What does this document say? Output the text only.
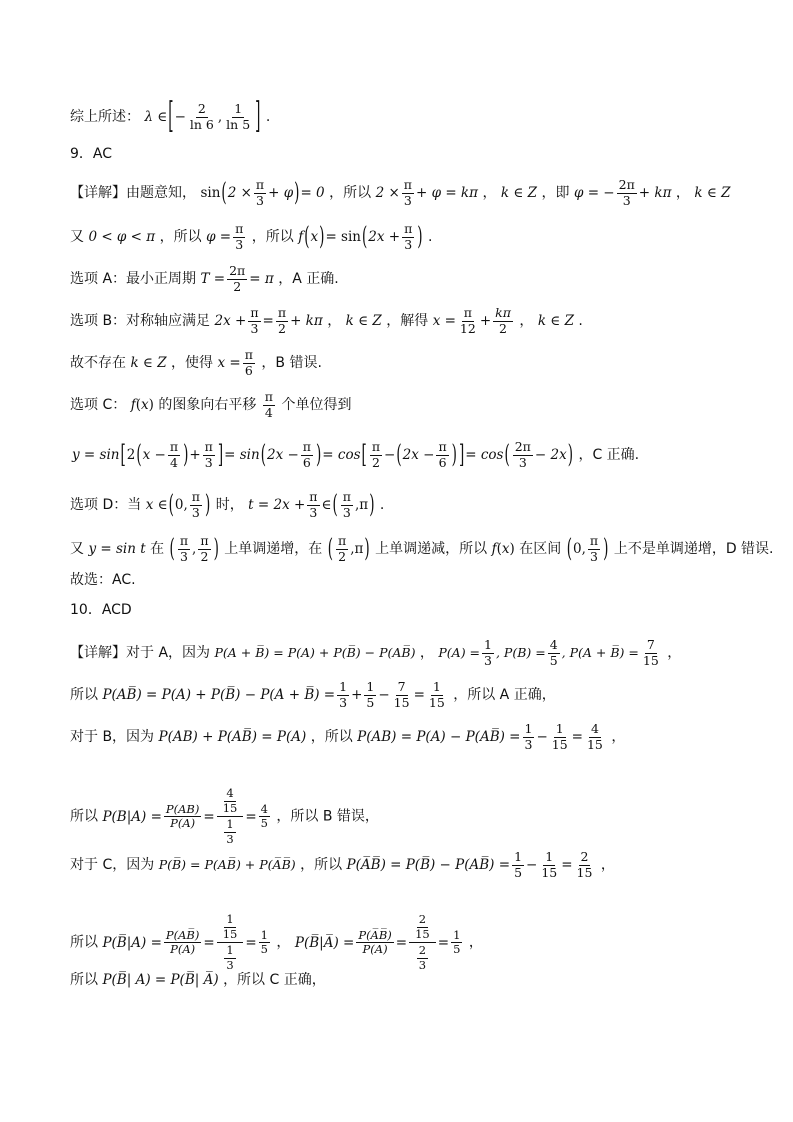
综上所述： λ ∈ [ − $\frac{2}{\ln 6}$ , $\frac{1}{\ln 5}$ ] .
9．AC
【详解】由题意知， sin ( $2 \times \frac{\pi}{3} + \varphi$ ) = 0 ，所以 $2 \times \frac{\pi}{3} + \varphi = k\pi$ ， k ∈ Z ，即 φ = − $\frac{2\pi}{3} + k\pi$ ， k ∈ Z
又 0 < φ < π ，所以 $\varphi = \frac{\pi}{3}$ ，所以 f ( x ) = sin ( $2x + \frac{\pi}{3}$ ) .
选项 A：最小正周期 $T = \frac{2\pi}{2} = \pi$ ，A 正确.
选项 B：对称轴应满足 $2x + \frac{\pi}{3} = \frac{\pi}{2} + k\pi$ ， k ∈ Z ，解得 $x = \frac{\pi}{12} + \frac{k\pi}{2}$ ， k ∈ Z .
故不存在 k ∈ Z ，使得 $x = \frac{\pi}{6}$ ，B 错误.
选项 C： f ( x ) 的图象向右平移 $\frac{\pi}{4}$ 个单位得到
y = sin [ 2 ( $x - \frac{\pi}{4}$ ) + $\frac{\pi}{3}$ ] = sin ( $2x - \frac{\pi}{6}$ ) = cos [ $\frac{\pi}{2}$ − ( $2x - \frac{\pi}{6}$ ) ] = cos ( $\frac{2\pi}{3} - 2x$ ) ，C 正确.
选项 D：当 x ∈ ( 0, $\frac{\pi}{3}$ ) 时， $t = 2x + \frac{\pi}{3}$ ∈ ( $\frac{\pi}{3} ,\pi$ ) .
又 y = sin t 在 ( $\frac{\pi}{3}$ , $\frac{\pi}{2}$ ) 上单调递增，在 ( $\frac{\pi}{2} ,\pi$ ) 上单调递减，所以 f ( x ) 在区间 ( 0, $\frac{\pi}{3}$ ) 上不是单调递增，D 错误.
故选：AC.
10．ACD
【详解】对于 A，因为 P(A + B̅) = P(A) + P(B̅) − P(AB̅) ， $P(A) = \frac{1}{3}$ , $P(B) = \frac{4}{5}$ , P(A + B̅) = $\frac{7}{15}$ ，
所以 P(AB̅) = P(A) + P(B̅) − P(A + B̅) = $\frac{1}{3} + \frac{1}{5} - \frac{7}{15} = \frac{1}{15}$ ，所以 A 正确，
对于 B，因为 P(AB) + P(AB̅) = P(A) ，所以 P(AB) = P(A) − P(AB̅) = $\frac{1}{3} - \frac{1}{15} = \frac{4}{15}$ ，
所以 $P(B|A) = \frac{P(AB)}{P(A)} = \frac{\frac{4}{15}}{\frac{1}{3}} = \frac{4}{5}$ ，所以 B 错误，
对于 C，因为 P(B̅) = P(AB̅) + P(A̅B̅) ，所以 P(A̅B̅) = P(B̅) − P(AB̅) = $\frac{1}{5} - \frac{1}{15} = \frac{2}{15}$ ，
所以 P(B̅|A) = $\frac{P(AB̅)}{P(A)} = \frac{\frac{1}{15}}{\frac{1}{3}} = \frac{1}{5}$ ， P(B̅|A̅) = $\frac{P(A̅B̅)}{P(A̅)} = \frac{\frac{2}{15}}{\frac{2}{3}} = \frac{1}{5}$ ，
所以 P(B̅| A) = P(B̅| A̅) ，所以 C 正确，
